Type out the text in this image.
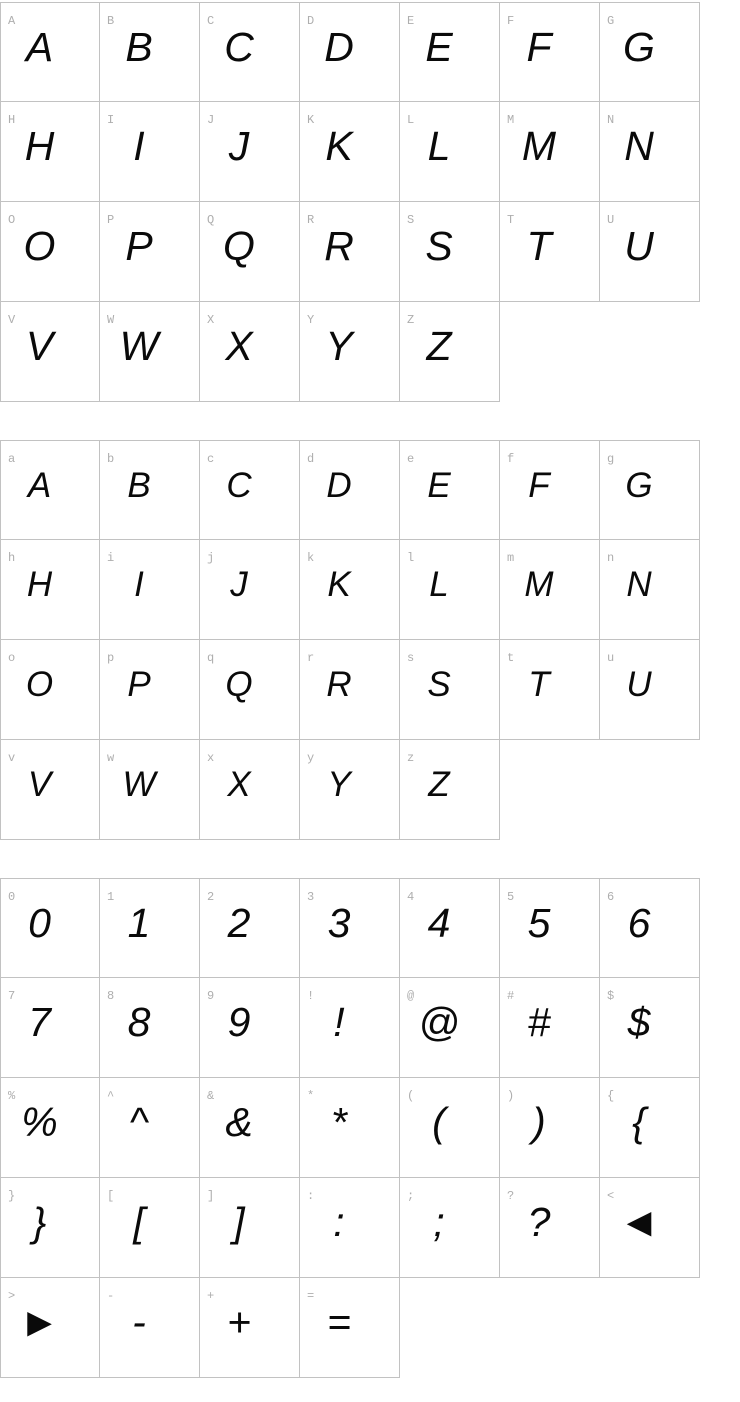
A
A
B
B
C
C
D
D
E
E
F
F
G
G
H
H
I
I
J
J
K
K
L
L
M
M
N
N
O
O
P
P
Q
Q
R
R
S
S
T
T
U
U
V
V
W
W
X
X
Y
Y
Z
Z
a
A
b
B
c
C
d
D
e
E
f
F
g
G
h
H
i
I
j
J
k
K
l
L
m
M
n
N
o
O
p
P
q
Q
r
R
s
S
t
T
u
U
v
V
w
W
x
X
y
Y
z
Z
0
0
1
1
2
2
3
3
4
4
5
5
6
6
7
7
8
8
9
9
!
!
@
@
#
#
$
$
%
%
^
^
&
&
*
*
(
(
)
)
{
{
}
}
[
[
]
]
:
:
;
;
?
?
<
◄
>
►
-
-
+
+
=
=
